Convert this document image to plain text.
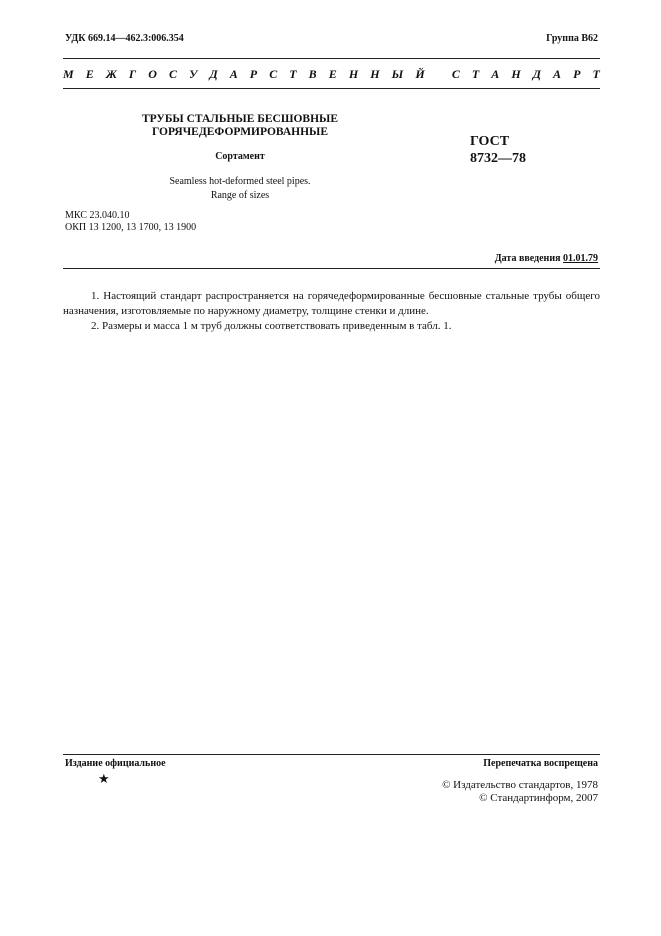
УДК 669.14—462.3:006.354	Группа В62
М Е Ж Г О С У Д А Р С Т В Е Н Н Ы Й
С Т А Н Д А Р Т
ТРУБЫ СТАЛЬНЫЕ БЕСШОВНЫЕ
ГОРЯЧЕДЕФОРМИРОВАННЫЕ
Сортамент
Seamless hot-deformed steel pipes.
Range of sizes
ГОСТ
8732—78
МКС 23.040.10
ОКП 13 1200, 13 1700, 13 1900
Дата введения 01.01.79

1. Настоящий стандарт распространяется на горячедеформированные бесшовные стальные трубы общего назначения, изготовляемые по наружному диаметру, толщине стенки и длине.

2. Размеры и масса 1 м труб должны соответствовать приведенным в табл. 1.

Издание официальное	Перепечатка воспрещена
★	© Издательство стандартов, 1978
© Стандартинформ, 2007
